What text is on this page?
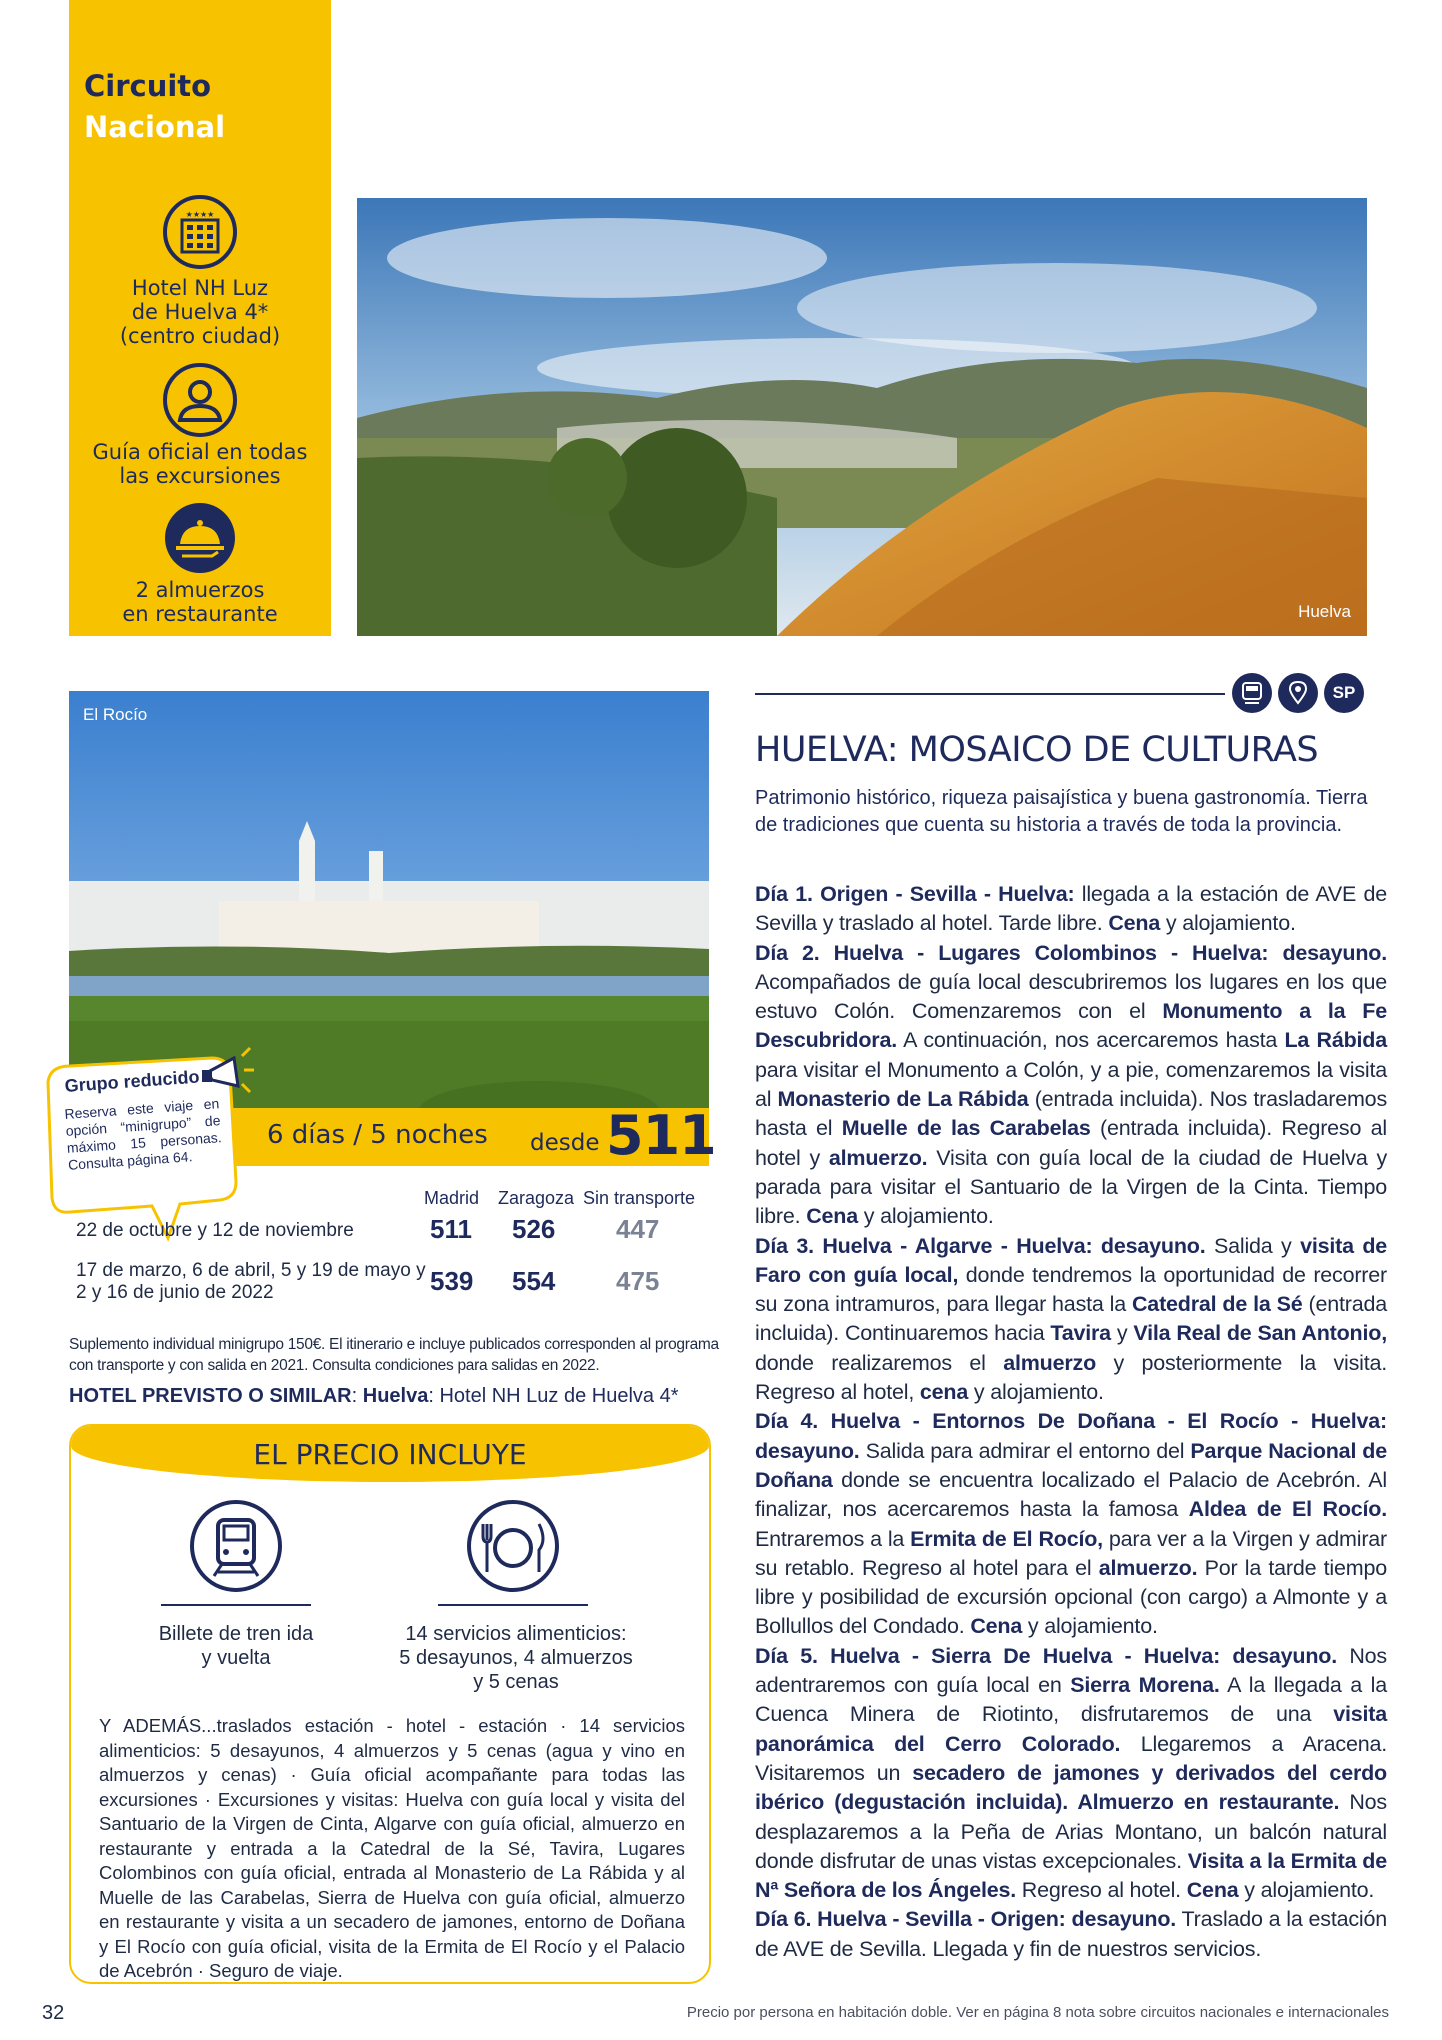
Circuito
Nacional
★★★★
Hotel NH Luz
de Huelva 4*
(centro ciudad)
Guía oficial en todas
las excursiones
2 almuerzos
en restaurante	Huelva
El Rocío
6 días / 5 noches desde 511
Grupo reducido
Reserva este viaje en opción “minigrupo” de máximo 15 personas. Consulta página 64.
Madrid Zaragoza Sin transporte
22 de octubre y 12 de noviembre	511 526 447
17 de marzo, 6 de abril, 5 y 19 de mayo y
2 y 16 de junio de 2022	539 554 475
Suplemento individual minigrupo 150€. El itinerario e incluye publicados corresponden al programa con transporte y con salida en 2021. Consulta condiciones para salidas en 2022.
HOTEL PREVISTO O SIMILAR: Huelva: Hotel NH Luz de Huelva 4*
EL PRECIO INCLUYE
Billete de tren ida
y vuelta
14 servicios alimenticios:
5 desayunos, 4 almuerzos
y 5 cenas
Y ADEMÁS...traslados estación - hotel - estación · 14 servicios alimenticios: 5 desayunos, 4 almuerzos y 5 cenas (agua y vino en almuerzos y cenas) · Guía oficial acompañante para todas las excursiones · Excursiones y visitas: Huelva con guía local y visita del Santuario de la Virgen de Cinta, Algarve con guía oficial, almuerzo en restaurante y entrada a la Catedral de la Sé, Tavira, Lugares Colombinos con guía oficial, entrada al Monasterio de La Rábida y al Muelle de las Carabelas, Sierra de Huelva con guía oficial, almuerzo en restaurante y visita a un secadero de jamones, entorno de Doñana y El Rocío con guía oficial, visita de la Ermita de El Rocío y el Palacio de Acebrón · Seguro de viaje.
SP
HUELVA: MOSAICO DE CULTURAS
Patrimonio histórico, riqueza paisajística y buena gastronomía. Tierra de tradiciones que cuenta su historia a través de toda la provincia.
Día 1. Origen - Sevilla - Huelva: llegada a la estación de AVE de Sevilla y traslado al hotel. Tarde libre. Cena y alojamiento.
Día 2. Huelva - Lugares Colombinos - Huelva: desayuno. Acompañados de guía local descubriremos los lugares en los que estuvo Colón. Comenzaremos con el Monumento a la Fe Descubridora. A continuación, nos acercaremos hasta La Rábida para visitar el Monumento a Colón, y a pie, comenzaremos la visita al Monasterio de La Rábida (entrada incluida). Nos trasladaremos hasta el Muelle de las Carabelas (entrada incluida). Regreso al hotel y almuerzo. Visita con guía local de la ciudad de Huelva y parada para visitar el Santuario de la Virgen de la Cinta. Tiempo libre. Cena y alojamiento.
Día 3. Huelva - Algarve - Huelva: desayuno. Salida y visita de Faro con guía local, donde tendremos la oportunidad de recorrer su zona intramuros, para llegar hasta la Catedral de la Sé (entrada incluida). Continuaremos hacia Tavira y Vila Real de San Antonio, donde realizaremos el almuerzo y posteriormente la visita. Regreso al hotel, cena y alojamiento.
Día 4. Huelva - Entornos De Doñana - El Rocío - Huelva: desayuno. Salida para admirar el entorno del Parque Nacional de Doñana donde se encuentra localizado el Palacio de Acebrón. Al finalizar, nos acercaremos hasta la famosa Aldea de El Rocío. Entraremos a la Ermita de El Rocío, para ver a la Virgen y admirar su retablo. Regreso al hotel para el almuerzo. Por la tarde tiempo libre y posibilidad de excursión opcional (con cargo) a Almonte y a Bollullos del Condado. Cena y alojamiento.
Día 5. Huelva - Sierra De Huelva - Huelva: desayuno. Nos adentraremos con guía local en Sierra Morena. A la llegada a la Cuenca Minera de Riotinto, disfrutaremos de una visita panorámica del Cerro Colorado. Llegaremos a Aracena. Visitaremos un secadero de jamones y derivados del cerdo ibérico (degustación incluida). Almuerzo en restaurante. Nos desplazaremos a la Peña de Arias Montano, un balcón natural donde disfrutar de unas vistas excepcionales. Visita a la Ermita de Nª Señora de los Ángeles. Regreso al hotel. Cena y alojamiento.
Día 6. Huelva - Sevilla - Origen: desayuno. Traslado a la estación de AVE de Sevilla. Llegada y fin de nuestros servicios.
32	Precio por persona en habitación doble. Ver en página 8 nota sobre circuitos nacionales e internacionales
